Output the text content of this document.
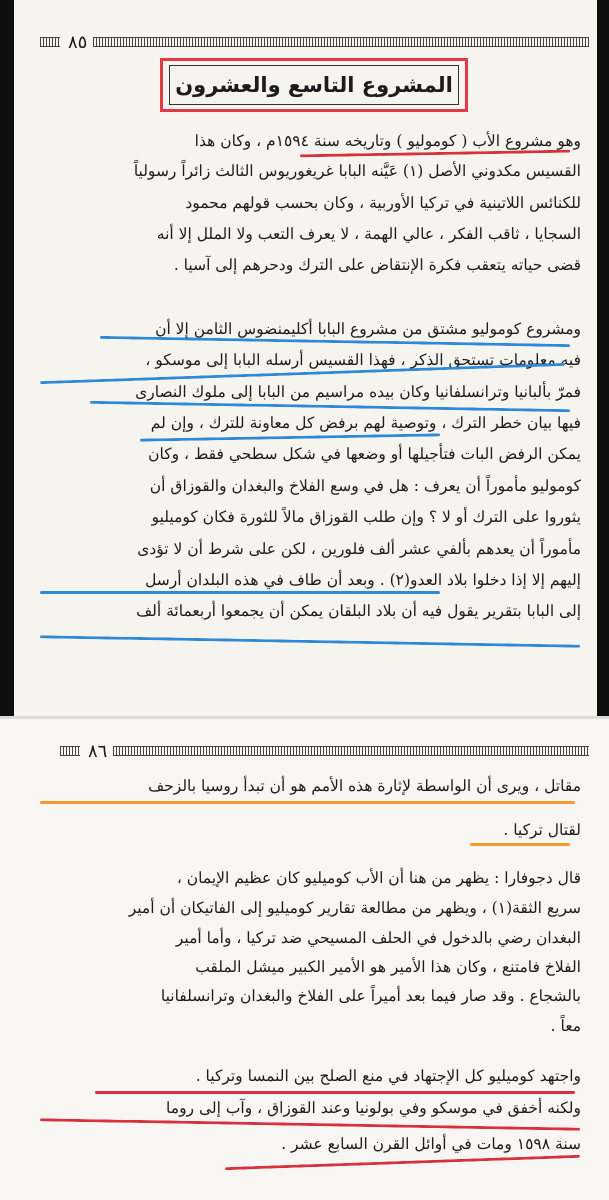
٨٥
المشروع التاسع والعشرون
وهو مشروع الأب ( كوموليو ) وتاريخه سنة ١٥٩٤م ، وكان هذا
القسيس مكدوني الأصل (١) عَيَّنه البابا غريغوريوس الثالث زائراً رسولياً
للكنائس اللاتينية في تركيا الأوربية ، وكان بحسب قولهم محمود
السجايا ، ثاقب الفكر ، عالي الهمة ، لا يعرف التعب ولا الملل إلا أنه
قضى حياته يتعقب فكرة الإنتقاض على الترك ودحرهم إلى آسيا .
ومشروع كوموليو مشتق من مشروع البابا أكليمنضوس الثامن إلا أن
فيه معلومات تستحق الذكر ، فهذا القسيس أرسله البابا إلى موسكو ،
فمرّ بألبانيا وترانسلفانيا وكان بيده مراسيم من البابا إلى ملوك النصارى
فيها بيان خطر الترك ، وتوصية لهم برفض كل معاونة للترك ، وإن لم
يمكن الرفض البات فتأجيلها أو وضعها في شكل سطحي فقط ، وكان
كوموليو مأموراً أن يعرف : هل في وسع الفلاخ والبغدان والقوزاق أن
يثوروا على الترك أو لا ؟ وإن طلب القوزاق مالاً للثورة فكان كوميليو
مأموراً أن يعدهم بألفي عشر ألف فلورين ، لكن على شرط أن لا تؤدى
إليهم إلا إذا دخلوا بلاد العدو(٢) . وبعد أن طاف في هذه البلدان أرسل
إلى البابا بتقرير يقول فيه أن بلاد البلقان يمكن أن يجمعوا أربعمائة ألف
٨٦
مقاتل ، ويرى أن الواسطة لإثارة هذه الأمم هو أن تبدأ روسيا بالزحف
لقتال تركيا .
قال دجوفارا : يظهر من هنا أن الأب كوميليو كان عظيم الإيمان ،
سريع الثقة(١) ، ويظهر من مطالعة تقارير كوميليو إلى الفاتيكان أن أمير
البغدان رضي بالدخول في الحلف المسيحي ضد تركيا ، وأما أمير
الفلاخ فامتنع ، وكان هذا الأمير هو الأمير الكبير ميشل الملقب
بالشجاع . وقد صار فيما بعد أميراً على الفلاخ والبغدان وترانسلفانيا
معاً .
واجتهد كوميليو كل الإجتهاد في منع الصلح بين النمسا وتركيا .
ولكنه أخفق في موسكو وفي بولونيا وعند القوزاق ، وآب إلى روما
سنة ١٥٩٨ ومات في أوائل القرن السابع عشر .
